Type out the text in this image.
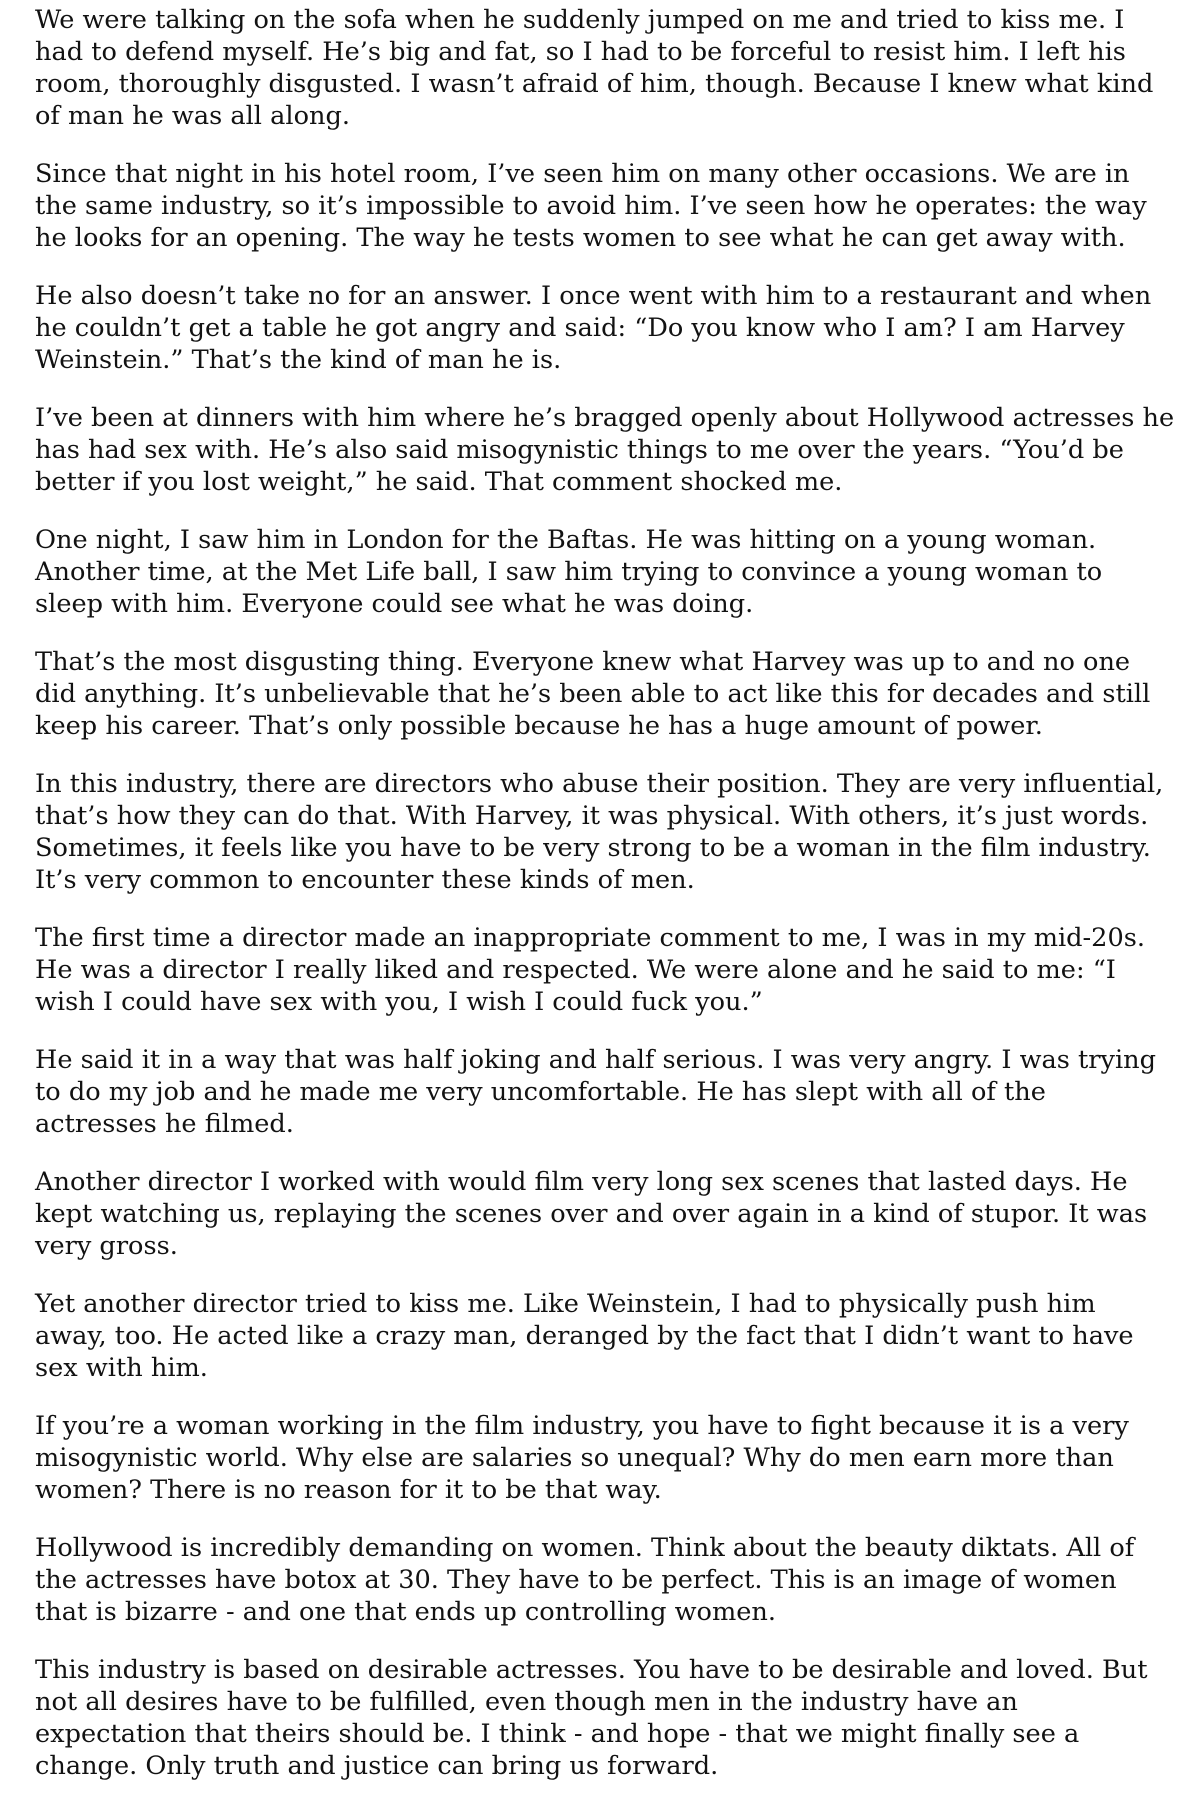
We were talking on the sofa when he suddenly jumped on me and tried to kiss me. I had to defend myself. He’s big and fat, so I had to be forceful to resist him. I left his room, thoroughly disgusted. I wasn’t afraid of him, though. Because I knew what kind of man he was all along.

Since that night in his hotel room, I’ve seen him on many other occasions. We are in the same industry, so it’s impossible to avoid him. I’ve seen how he operates: the way he looks for an opening. The way he tests women to see what he can get away with.

He also doesn’t take no for an answer. I once went with him to a restaurant and when he couldn’t get a table he got angry and said: “Do you know who I am? I am Harvey Weinstein.” That’s the kind of man he is.

I’ve been at dinners with him where he’s bragged openly about Hollywood actresses he has had sex with. He’s also said misogynistic things to me over the years. “You’d be better if you lost weight,” he said. That comment shocked me.

One night, I saw him in London for the Baftas. He was hitting on a young woman. Another time, at the Met Life ball, I saw him trying to convince a young woman to sleep with him. Everyone could see what he was doing.

That’s the most disgusting thing. Everyone knew what Harvey was up to and no one did anything. It’s unbelievable that he’s been able to act like this for decades and still keep his career. That’s only possible because he has a huge amount of power.

In this industry, there are directors who abuse their position. They are very influential, that’s how they can do that. With Harvey, it was physical. With others, it’s just words. Sometimes, it feels like you have to be very strong to be a woman in the film industry. It’s very common to encounter these kinds of men.

The first time a director made an inappropriate comment to me, I was in my mid-20s. He was a director I really liked and respected. We were alone and he said to me: “I wish I could have sex with you, I wish I could fuck you.”

He said it in a way that was half joking and half serious. I was very angry. I was trying to do my job and he made me very uncomfortable. He has slept with all of the actresses he filmed.

Another director I worked with would film very long sex scenes that lasted days. He kept watching us, replaying the scenes over and over again in a kind of stupor. It was very gross.

Yet another director tried to kiss me. Like Weinstein, I had to physically push him away, too. He acted like a crazy man, deranged by the fact that I didn’t want to have sex with him.

If you’re a woman working in the film industry, you have to fight because it is a very misogynistic world. Why else are salaries so unequal? Why do men earn more than women? There is no reason for it to be that way.

Hollywood is incredibly demanding on women. Think about the beauty diktats. All of the actresses have botox at 30. They have to be perfect. This is an image of women that is bizarre - and one that ends up controlling women.

This industry is based on desirable actresses. You have to be desirable and loved. But not all desires have to be fulfilled, even though men in the industry have an expectation that theirs should be. I think - and hope - that we might finally see a change. Only truth and justice can bring us forward.
